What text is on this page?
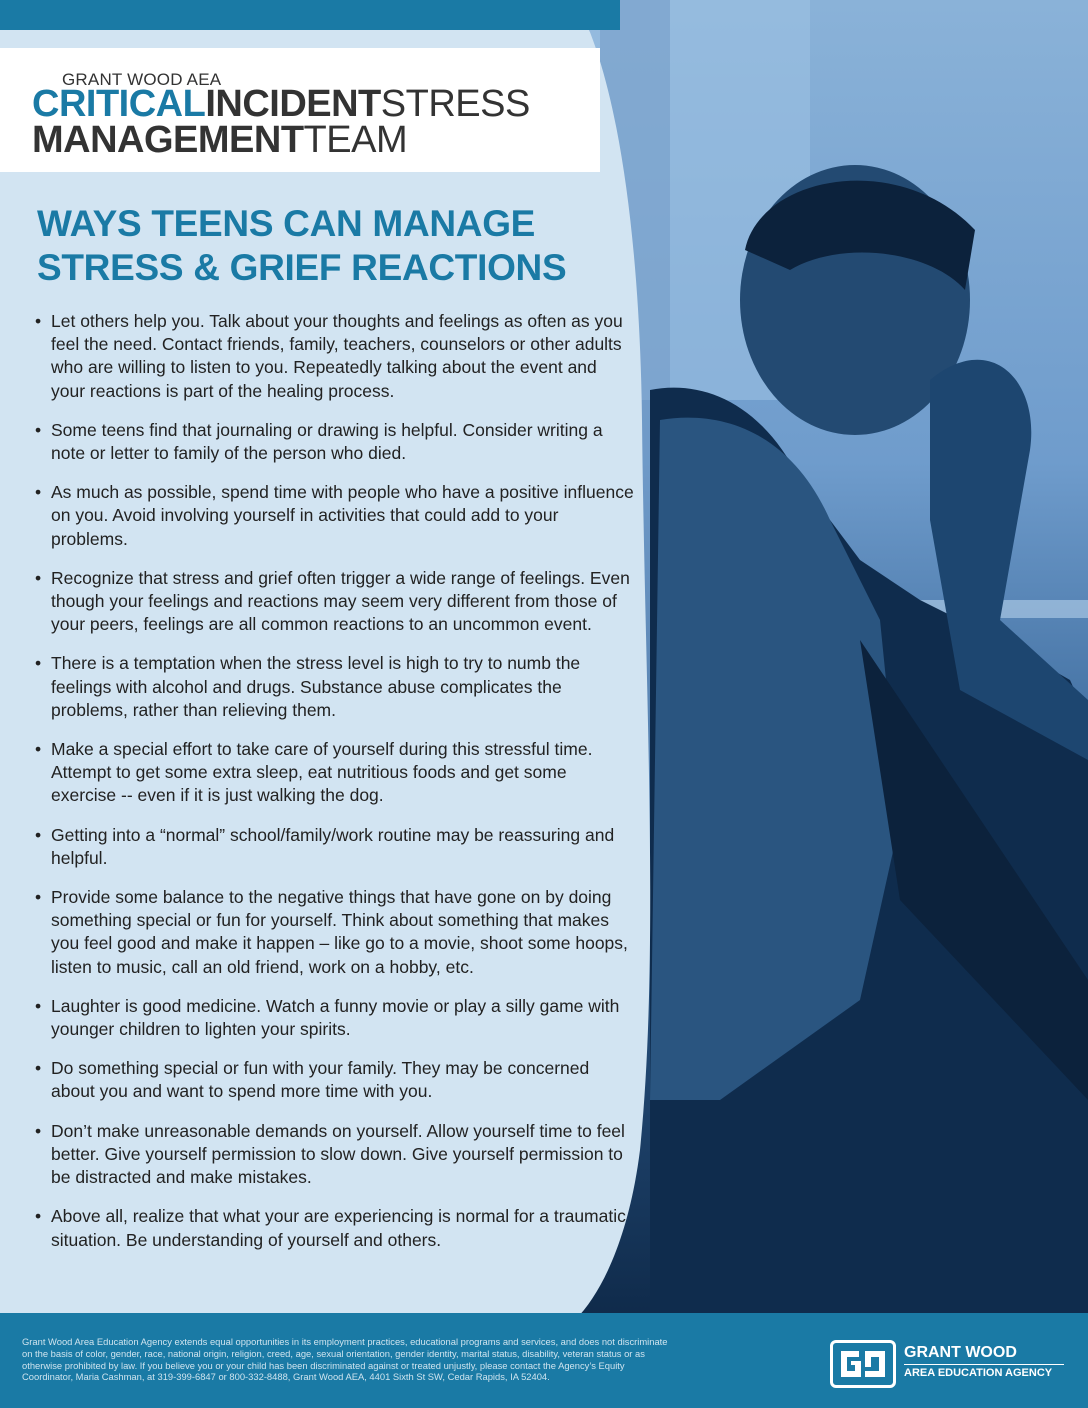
GRANT WOOD AEA
CRITICALINCIDENTSTRESS
MANAGEMENTTEAM
WAYS TEENS CAN MANAGE
STRESS & GRIEF REACTIONS
• Let others help you. Talk about your thoughts and feelings as often as you feel the need. Contact friends, family, teachers, counselors or other adults who are willing to listen to you. Repeatedly talking about the event and your reactions is part of the healing process.
• Some teens find that journaling or drawing is helpful. Consider writing a note or letter to family of the person who died.
• As much as possible, spend time with people who have a positive influence on you. Avoid involving yourself in activities that could add to your problems.
• Recognize that stress and grief often trigger a wide range of feelings. Even though your feelings and reactions may seem very different from those of your peers, feelings are all common reactions to an uncommon event.
• There is a temptation when the stress level is high to try to numb the feelings with alcohol and drugs. Substance abuse complicates the problems, rather than relieving them.
• Make a special effort to take care of yourself during this stressful time. Attempt to get some extra sleep, eat nutritious foods and get some exercise -- even if it is just walking the dog.
• Getting into a “normal” school/family/work routine may be reassuring and helpful.
• Provide some balance to the negative things that have gone on by doing something special or fun for yourself. Think about something that makes you feel good and make it happen – like go to a movie, shoot some hoops, listen to music, call an old friend, work on a hobby, etc.
• Laughter is good medicine. Watch a funny movie or play a silly game with younger children to lighten your spirits.
• Do something special or fun with your family. They may be concerned about you and want to spend more time with you.
• Don’t make unreasonable demands on yourself. Allow yourself time to feel better. Give yourself permission to slow down. Give yourself permission to be distracted and make mistakes.
• Above all, realize that what your are experiencing is normal for a traumatic situation. Be understanding of yourself and others.
Grant Wood Area Education Agency extends equal opportunities in its employment practices, educational programs and services, and does not discriminate on the basis of color, gender, race, national origin, religion, creed, age, sexual orientation, gender identity, marital status, disability, veteran status or as otherwise prohibited by law. If you believe you or your child has been discriminated against or treated unjustly, please contact the Agency’s Equity Coordinator, Maria Cashman, at 319-399-6847 or 800-332-8488, Grant Wood AEA, 4401 Sixth St SW, Cedar Rapids, IA 52404.
GRANT WOOD
AREA EDUCATION AGENCY
